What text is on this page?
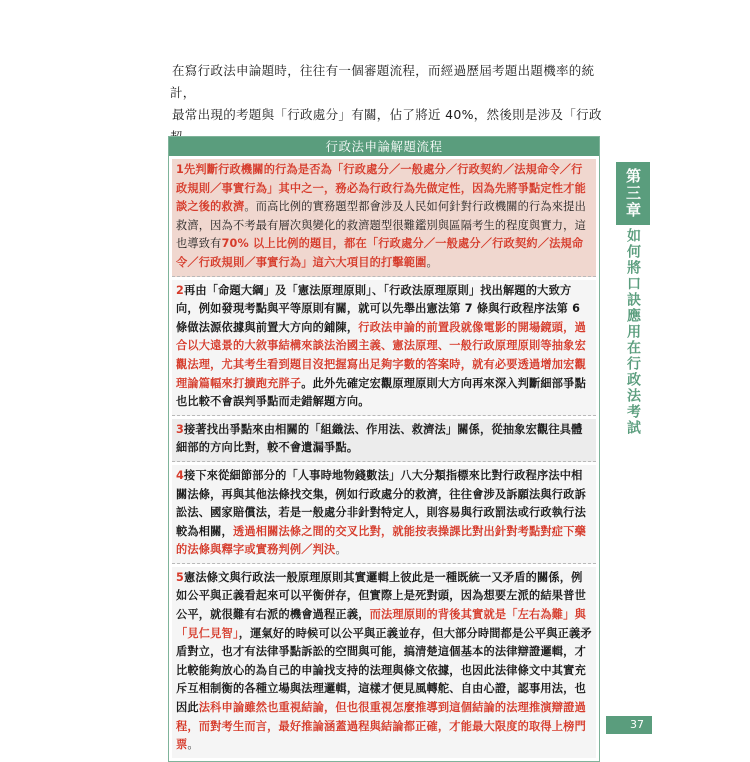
在寫行政法申論題時，往往有一個審題流程，而經過歷屆考題出題機率的統計，
最常出現的考題與「行政處分」有關，佔了將近 40%，然後則是涉及「行政
行政法申論解題流程
1先判斷行政機關的行為是否為「行政處分／一般處分／行政契約／法規命令／行政規則／事實行為」其中之一，務必為行政行為先做定性，因為先將爭點定性才能談之後的救濟。而高比例的實務題型都會涉及人民如何針對行政機關的行為來提出救濟，因為不考最有層次與變化的救濟題型很難鑑別與區隔考生的程度與實力，這也導致有70% 以上比例的題目，都在「行政處分／一般處分／行政契約／法規命令／行政規則／事實行為」這六大項目的打擊範圍。
2再由「命題大綱」及「憲法原理原則」、「行政法原理原則」找出解題的大致方向，例如發現考點與平等原則有關，就可以先舉出憲法第 7 條與行政程序法第 6 條做法源依據與前置大方向的鋪陳，行政法申論的前置段就像電影的開場鏡頭，過合以大遠景的大敘事結構來談法治國主義、憲法原理、一般行政原理原則等抽象宏觀法理，尤其考生看到題目沒把握寫出足夠字數的答案時，就有必要透過增加宏觀理論篇幅來打擴跑充胖子。此外先確定宏觀原理原則大方向再來深入判斷細部爭點也比較不會誤判爭點而走錯解題方向。
3接著找出爭點來由相關的「組織法、作用法、救濟法」關係，從抽象宏觀往具體細部的方向比對，較不會遺漏爭點。
4接下來從細節部分的「人事時地物錢數法」八大分類指標來比對行政程序法中相關法條，再與其他法條找交集，例如行政處分的救濟，往往會涉及訴願法與行政訴訟法、國家賠償法，若是一般處分非針對特定人，則容易與行政罰法或行政執行法較為相關，透過相關法條之間的交叉比對，就能按表操課比對出針對考點對症下藥的法條與釋字或實務判例／判決。
5憲法條文與行政法一般原理原則其實邏輯上彼此是一種既統一又矛盾的關係，例如公平與正義看起來可以平衡併存，但實際上是死對頭，因為想要左派的結果普世公平，就很難有右派的機會過程正義，而法理原則的背後其實就是「左右為難」與「見仁見智」，運氣好的時候可以公平與正義並存，但大部分時間都是公平與正義矛盾對立，也才有法律爭點訴訟的空間與可能，搞清楚這個基本的法律辯證邏輯，才比較能夠放心的為自己的申論找支持的法理與條文依據，也因此法律條文中其實充斥互相制衡的各種立場與法理邏輯，這樣才便見風轉舵、自由心證，認事用法，也因此法科申論雖然也重視結論，但也很重視怎麼推導到這個結論的法理推演辯證過程，而對考生而言，最好推論涵蓋過程與結論都正確，才能最大限度的取得上榜門票。
第三章
如何將口訣應用在行政法考試
37
